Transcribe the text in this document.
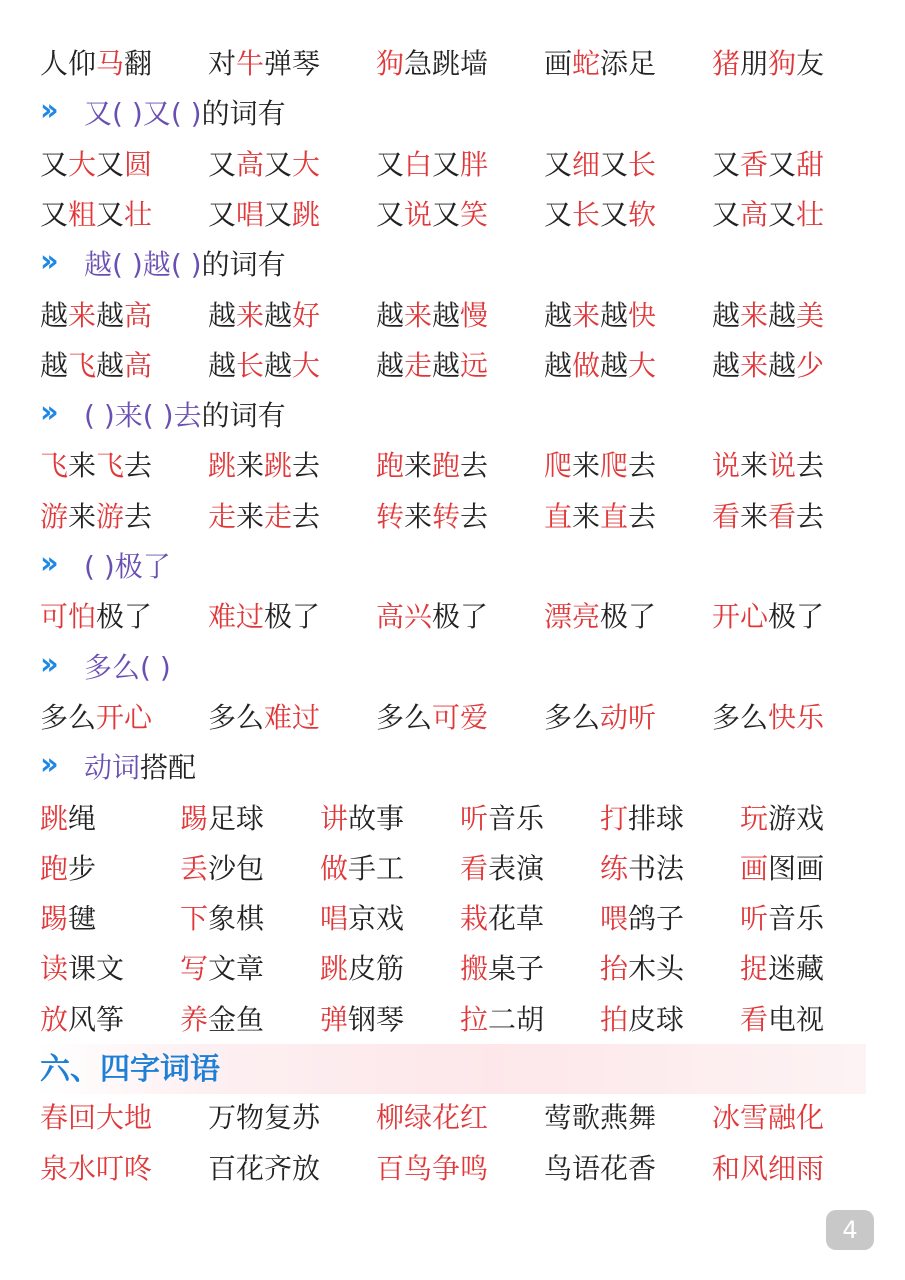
人仰马翻 对牛弹琴 狗急跳墙 画蛇添足 猪朋狗友
›› 又( )又( )的词有
又大又圆 又高又大 又白又胖 又细又长 又香又甜
又粗又壮 又唱又跳 又说又笑 又长又软 又高又壮
›› 越( )越( )的词有
越来越高 越来越好 越来越慢 越来越快 越来越美
越飞越高 越长越大 越走越远 越做越大 越来越少
›› ( )来( )去的词有
飞来飞去 跳来跳去 跑来跑去 爬来爬去 说来说去
游来游去 走来走去 转来转去 直来直去 看来看去
›› ( )极了
可怕极了 难过极了 高兴极了 漂亮极了 开心极了
›› 多么( )
多么开心 多么难过 多么可爱 多么动听 多么快乐
›› 动词搭配
跳绳	踢足球 讲故事 听音乐 打排球 玩游戏
跑步	丢沙包 做手工 看表演 练书法 画图画
踢毽	下象棋 唱京戏 栽花草 喂鸽子 听音乐
读课文 写文章 跳皮筋 搬桌子 抬木头 捉迷藏
放风筝 养金鱼 弹钢琴 拉二胡 拍皮球 看电视
六、四字词语
春回大地 万物复苏 柳绿花红 莺歌燕舞 冰雪融化
泉水叮咚 百花齐放 百鸟争鸣 鸟语花香 和风细雨
4
